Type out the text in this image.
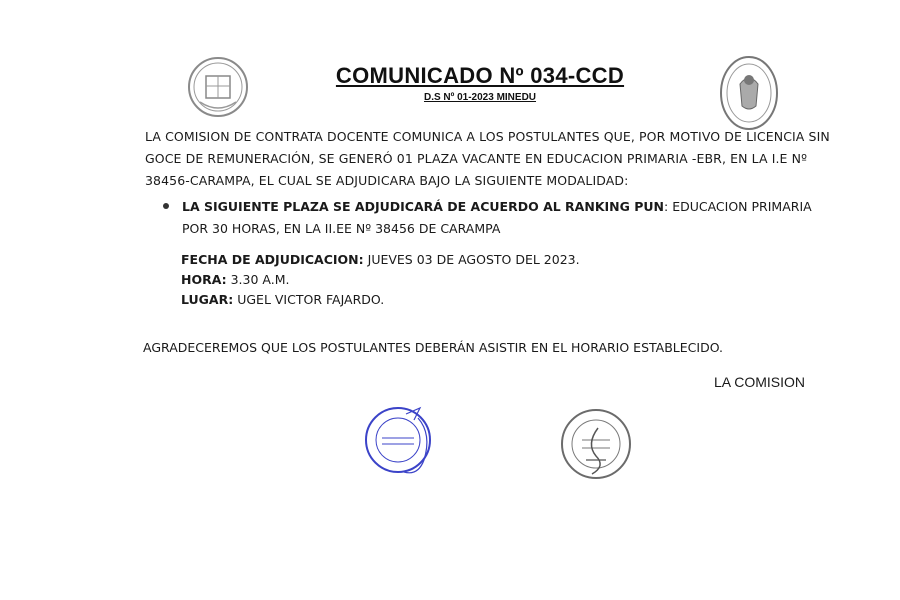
COMUNICADO Nº 034-CCD
D.S Nº 01-2023 MINEDU
LA COMISION DE CONTRATA DOCENTE COMUNICA A LOS POSTULANTES QUE, POR MOTIVO DE LICENCIA SIN GOCE DE REMUNERACIÓN, SE GENERÓ 01 PLAZA VACANTE EN EDUCACION PRIMARIA -EBR, EN LA I.E Nº 38456-CARAMPA, EL CUAL SE ADJUDICARA BAJO LA SIGUIENTE MODALIDAD:
LA SIGUIENTE PLAZA SE ADJUDICARÁ DE ACUERDO AL RANKING PUN: EDUCACION PRIMARIA POR 30 HORAS, EN LA II.EE Nº 38456 DE CARAMPA
FECHA DE ADJUDICACION: JUEVES 03 DE AGOSTO DEL 2023.
HORA: 3.30 A.M.
LUGAR: UGEL VICTOR FAJARDO.
AGRADECEREMOS QUE LOS POSTULANTES DEBERÁN ASISTIR EN EL HORARIO ESTABLECIDO.
LA COMISION
